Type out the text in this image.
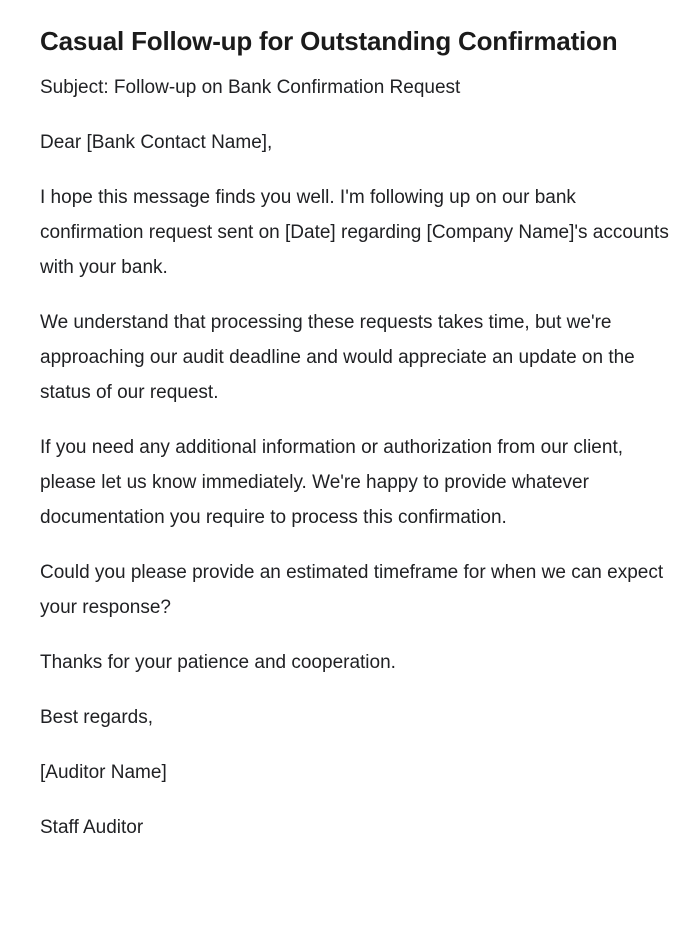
Casual Follow-up for Outstanding Confirmation

Subject: Follow-up on Bank Confirmation Request

Dear [Bank Contact Name],

I hope this message finds you well. I'm following up on our bank confirmation request sent on [Date] regarding [Company Name]'s accounts with your bank.

We understand that processing these requests takes time, but we're approaching our audit deadline and would appreciate an update on the status of our request.

If you need any additional information or authorization from our client, please let us know immediately. We're happy to provide whatever documentation you require to process this confirmation.

Could you please provide an estimated timeframe for when we can expect your response?

Thanks for your patience and cooperation.

Best regards,

[Auditor Name]

Staff Auditor
